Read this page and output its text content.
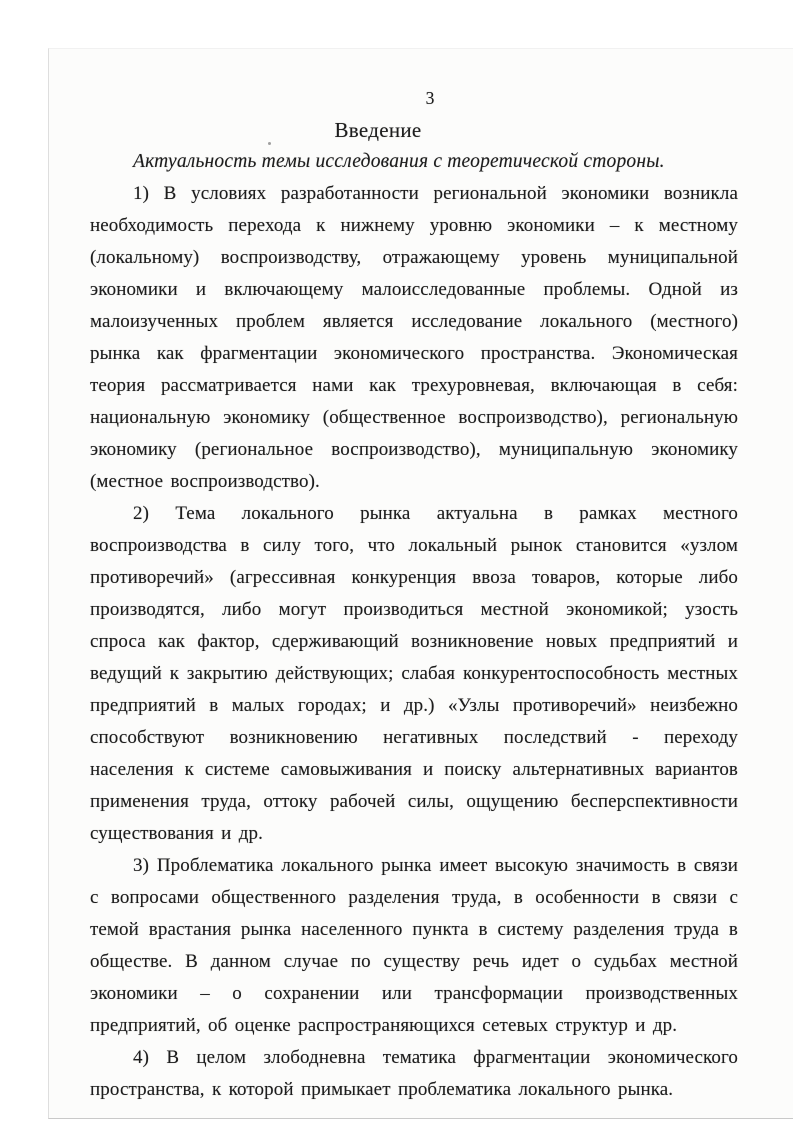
3
Введение

Актуальность темы исследования с теоретической стороны.

1) В условиях разработанности региональной экономики возникла необходимость перехода к нижнему уровню экономики – к местному (локальному) воспроизводству, отражающему уровень муниципальной экономики и включающему малоисследованные проблемы. Одной из малоизученных проблем является исследование локального (местного) рынка как фрагментации экономического пространства. Экономическая теория рассматривается нами как трехуровневая, включающая в себя: национальную экономику (общественное воспроизводство), региональную экономику (региональное воспроизводство), муниципальную экономику (местное воспроизводство).

2) Тема локального рынка актуальна в рамках местного воспроизводства в силу того, что локальный рынок становится «узлом противоречий» (агрессивная конкуренция ввоза товаров, которые либо производятся, либо могут производиться местной экономикой; узость спроса как фактор, сдерживающий возникновение новых предприятий и ведущий к закрытию действующих; слабая конкурентоспособность местных предприятий в малых городах; и др.) «Узлы противоречий» неизбежно способствуют возникновению негативных последствий - переходу населения к системе самовыживания и поиску альтернативных вариантов применения труда, оттоку рабочей силы, ощущению бесперспективности существования и др.

3) Проблематика локального рынка имеет высокую значимость в связи с вопросами общественного разделения труда, в особенности в связи с темой врастания рынка населенного пункта в систему разделения труда в обществе. В данном случае по существу речь идет о судьбах местной экономики – о сохранении или трансформации производственных предприятий, об оценке распространяющихся сетевых структур и др.

4) В целом злободневна тематика фрагментации экономического пространства, к которой примыкает проблематика локального рынка.
